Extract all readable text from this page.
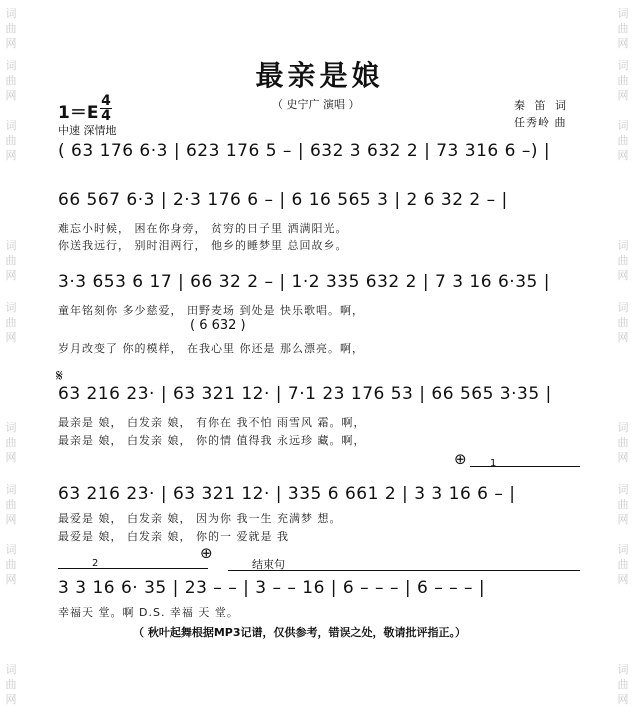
词
曲
网
词
曲
网
词
曲
网
词
曲
网
词
曲
网
词
曲
网
词
曲
网
词
曲
网
词
曲
网
词
曲
网
词
曲
网
词
曲
网
词
曲
网
词
曲
网
词
曲
网
词
曲
网
词
曲
网
词
曲
网
最亲是娘
（ 史宁广 演唱 ）	秦 笛 词
任秀岭 曲
1＝E
4
4
中速 深情地
( 63 176 6·3 | 623 176 5 – | 632 3 632 2 | 73 316 6 –) |
66 567 6·3 | 2·3 176 6 – | 6 16 565 3 | 2 6 32 2 – |
难忘小时候， 困在你身旁， 贫穷的日子里 洒满阳光。
你送我远行， 别时泪两行， 他乡的睡梦里 总回故乡。
3·3 653 6 17 | 66 32 2 – | 1·2 335 632 2 | 7 3 16 6·35 |
童年铭刻你 多少慈爱， 田野麦场 到处是 快乐歌唱。啊，
( 6 632 )
岁月改变了 你的模样， 在我心里 你还是 那么漂亮。啊，
𝄋
63 216 23· | 63 321 12· | 7·1 23 176 53 | 66 565 3·35 |
最亲是 娘， 白发亲 娘， 有你在 我不怕 雨雪风 霜。啊，
最亲是 娘， 白发亲 娘， 你的情 值得我 永远珍 藏。啊，
⊕ 1
63 216 23· | 63 321 12· | 335 6 661 2 | 3 3 16 6 – |
最爱是 娘， 白发亲 娘， 因为你 我一生 充满梦 想。
最爱是 娘， 白发亲 娘， 你的一 爱就是 我
2
⊕
结束句
3 3 16 6· 35 | 23 – – | 3 – – 16 | 6 – – – | 6 – – – |
幸福天 堂。啊 D.S. 幸福 天 堂。
（ 秋叶起舞根据MP3记谱，仅供参考，错误之处，敬请批评指正。）
